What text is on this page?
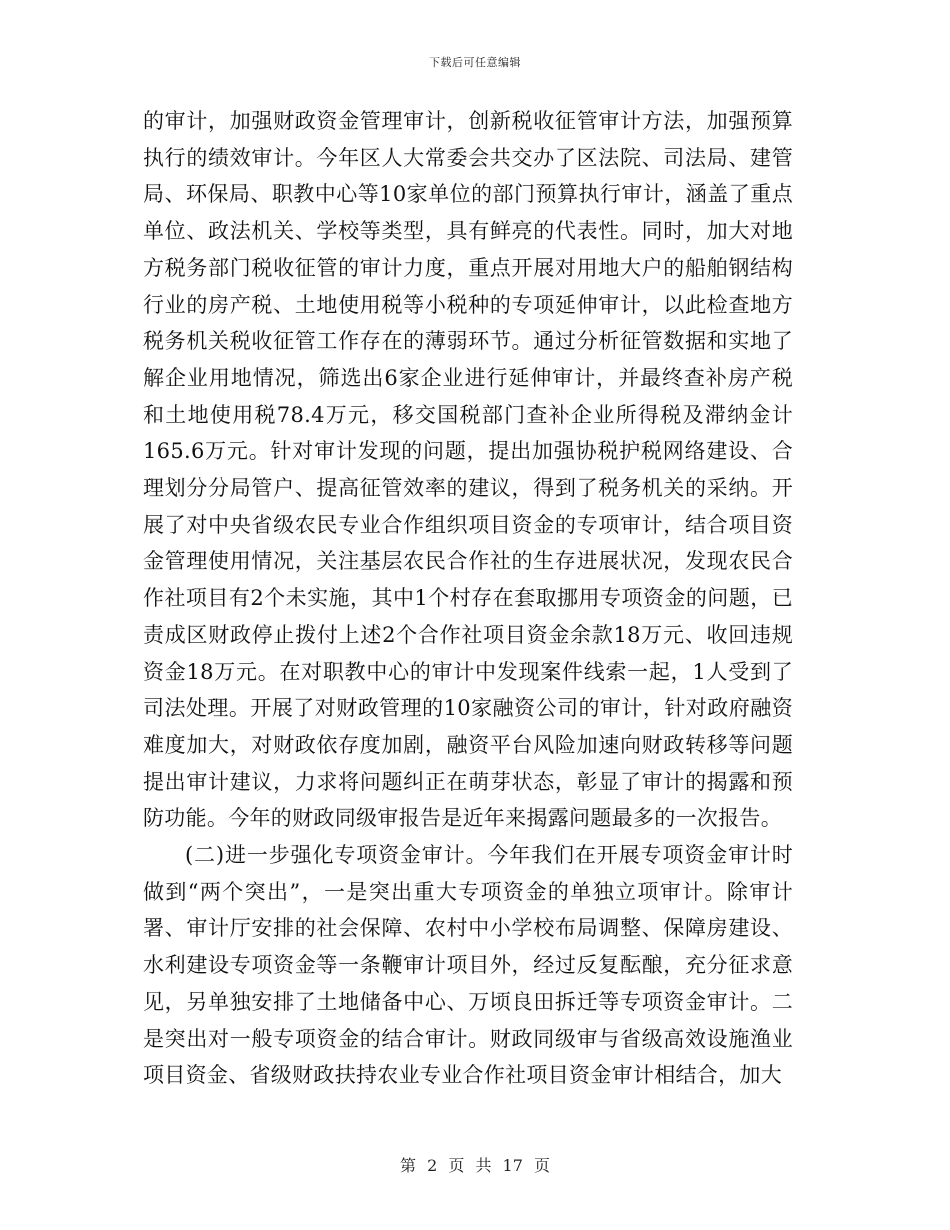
下载后可任意编辑

的审计，加强财政资金管理审计，创新税收征管审计方法，加强预算执行的绩效审计。今年区人大常委会共交办了区法院、司法局、建管局、环保局、职教中心等10家单位的部门预算执行审计，涵盖了重点单位、政法机关、学校等类型，具有鲜亮的代表性。同时，加大对地方税务部门税收征管的审计力度，重点开展对用地大户的船舶钢结构行业的房产税、土地使用税等小税种的专项延伸审计，以此检查地方税务机关税收征管工作存在的薄弱环节。通过分析征管数据和实地了解企业用地情况，筛选出6家企业进行延伸审计，并最终查补房产税和土地使用税78.4万元，移交国税部门查补企业所得税及滞纳金计165.6万元。针对审计发现的问题，提出加强协税护税网络建设、合理划分分局管户、提高征管效率的建议，得到了税务机关的采纳。开展了对中央省级农民专业合作组织项目资金的专项审计，结合项目资金管理使用情况，关注基层农民合作社的生存进展状况，发现农民合作社项目有2个未实施，其中1个村存在套取挪用专项资金的问题，已责成区财政停止拨付上述2个合作社项目资金余款18万元、收回违规资金18万元。在对职教中心的审计中发现案件线索一起，1人受到了司法处理。开展了对财政管理的10家融资公司的审计，针对政府融资难度加大，对财政依存度加剧，融资平台风险加速向财政转移等问题提出审计建议，力求将问题纠正在萌芽状态，彰显了审计的揭露和预防功能。今年的财政同级审报告是近年来揭露问题最多的一次报告。

(二)进一步强化专项资金审计。今年我们在开展专项资金审计时做到“两个突出”，一是突出重大专项资金的单独立项审计。除审计署、审计厅安排的社会保障、农村中小学校布局调整、保障房建设、水利建设专项资金等一条鞭审计项目外，经过反复酝酿，充分征求意见，另单独安排了土地储备中心、万顷良田拆迁等专项资金审计。二是突出对一般专项资金的结合审计。财政同级审与省级高效设施渔业项目资金、省级财政扶持农业专业合作社项目资金审计相结合，加大

第 2 页 共 17 页
